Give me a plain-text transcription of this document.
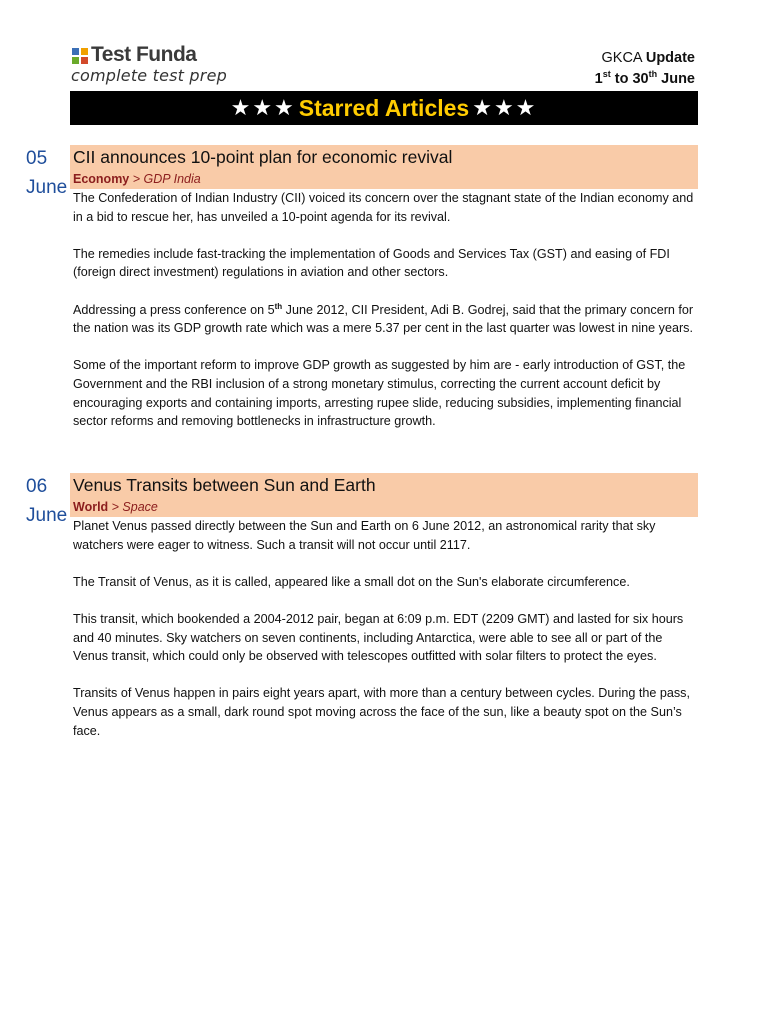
Test Funda
complete test prep
GKCA Update
1st to 30th June
★★★ Starred Articles ★★★
05
June
CII announces 10-point plan for economic revival
Economy > GDP India

The Confederation of Indian Industry (CII) voiced its concern over the stagnant state of the Indian economy and in a bid to rescue her, has unveiled a 10-point agenda for its revival.

The remedies include fast-tracking the implementation of Goods and Services Tax (GST) and easing of FDI (foreign direct investment) regulations in aviation and other sectors.

Addressing a press conference on 5th June 2012, CII President, Adi B. Godrej, said that the primary concern for the nation was its GDP growth rate which was a mere 5.37 per cent in the last quarter was lowest in nine years.

Some of the important reform to improve GDP growth as suggested by him are - early introduction of GST, the Government and the RBI inclusion of a strong monetary stimulus, correcting the current account deficit by encouraging exports and containing imports, arresting rupee slide, reducing subsidies, implementing financial sector reforms and removing bottlenecks in infrastructure growth.

06
June
Venus Transits between Sun and Earth
World > Space

Planet Venus passed directly between the Sun and Earth on 6 June 2012, an astronomical rarity that sky watchers were eager to witness. Such a transit will not occur until 2117.

The Transit of Venus, as it is called, appeared like a small dot on the Sun's elaborate circumference.

This transit, which bookended a 2004-2012 pair, began at 6:09 p.m. EDT (2209 GMT) and lasted for six hours and 40 minutes. Sky watchers on seven continents, including Antarctica, were able to see all or part of the Venus transit, which could only be observed with telescopes outfitted with solar filters to protect the eyes.

Transits of Venus happen in pairs eight years apart, with more than a century between cycles. During the pass, Venus appears as a small, dark round spot moving across the face of the sun, like a beauty spot on the Sun’s face.
